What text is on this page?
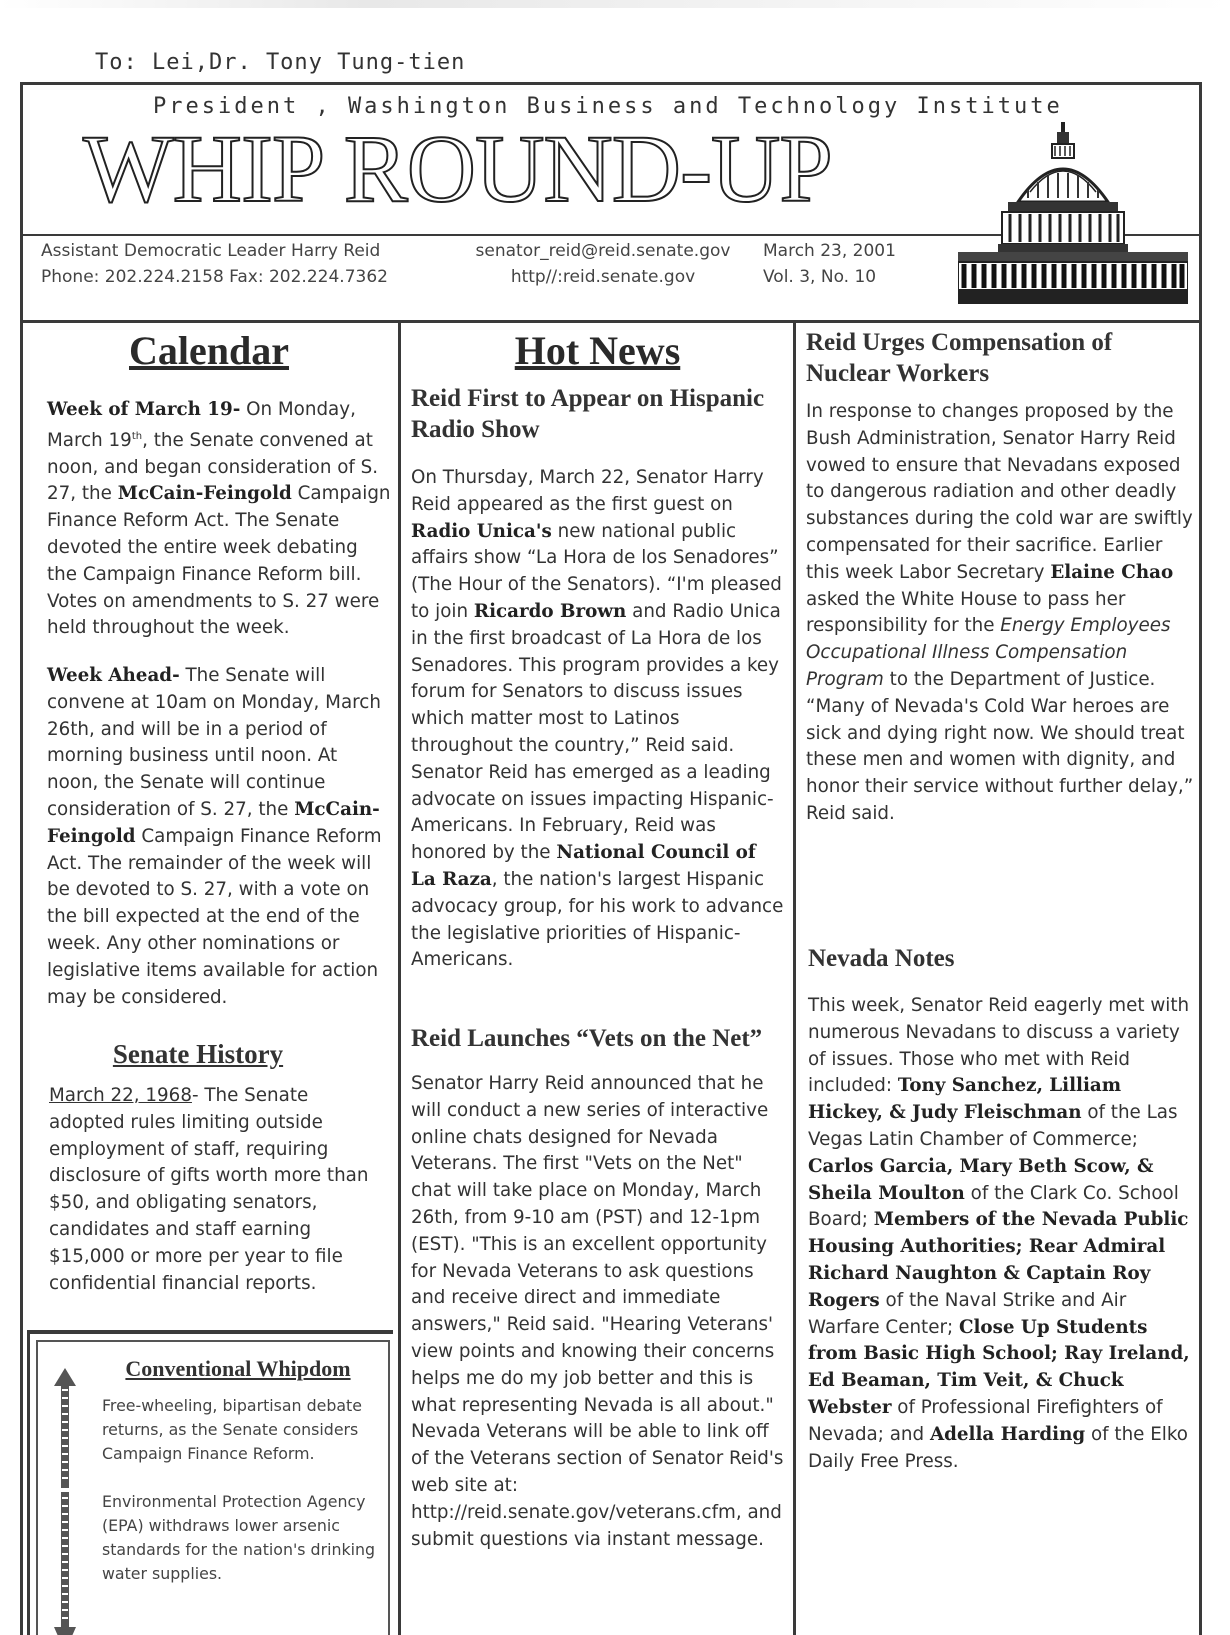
To: Lei,Dr. Tony Tung-tien
President , Washington Business and Technology Institute
WHIP ROUND-UP
Assistant Democratic Leader Harry Reid
Phone: 202.224.2158 Fax: 202.224.7362
senator_reid@reid.senate.gov
http//:reid.senate.gov
March 23, 2001
Vol. 3, No. 10
Calendar

Week of March 19- On Monday, March 19th, the Senate convened at noon, and began consideration of S. 27, the McCain-Feingold Campaign Finance Reform Act. The Senate devoted the entire week debating the Campaign Finance Reform bill. Votes on amendments to S. 27 were held throughout the week.

Week Ahead- The Senate will convene at 10am on Monday, March 26th, and will be in a period of morning business until noon. At noon, the Senate will continue consideration of S. 27, the McCain-Feingold Campaign Finance Reform Act. The remainder of the week will be devoted to S. 27, with a vote on the bill expected at the end of the week. Any other nominations or legislative items available for action may be considered.

Senate History

March 22, 1968- The Senate adopted rules limiting outside employment of staff, requiring disclosure of gifts worth more than $50, and obligating senators, candidates and staff earning $15,000 or more per year to file confidential financial reports.

Conventional Whipdom
Free-wheeling, bipartisan debate returns, as the Senate considers Campaign Finance Reform.
Environmental Protection Agency (EPA) withdraws lower arsenic standards for the nation's drinking water supplies.
Hot News
Reid First to Appear on Hispanic Radio Show

On Thursday, March 22, Senator Harry Reid appeared as the first guest on Radio Unica's new national public affairs show “La Hora de los Senadores” (The Hour of the Senators). “I'm pleased to join Ricardo Brown and Radio Unica in the first broadcast of La Hora de los Senadores. This program provides a key forum for Senators to discuss issues which matter most to Latinos throughout the country,” Reid said. Senator Reid has emerged as a leading advocate on issues impacting Hispanic-Americans. In February, Reid was honored by the National Council of La Raza, the nation's largest Hispanic advocacy group, for his work to advance the legislative priorities of Hispanic-Americans.

Reid Launches “Vets on the Net”

Senator Harry Reid announced that he will conduct a new series of interactive online chats designed for Nevada Veterans. The first "Vets on the Net" chat will take place on Monday, March 26th, from 9-10 am (PST) and 12-1pm (EST). "This is an excellent opportunity for Nevada Veterans to ask questions and receive direct and immediate answers," Reid said. "Hearing Veterans' view points and knowing their concerns helps me do my job better and this is what representing Nevada is all about." Nevada Veterans will be able to link off of the Veterans section of Senator Reid's web site at: http://reid.senate.gov/veterans.cfm, and submit questions via instant message.

Reid Urges Compensation of Nuclear Workers

In response to changes proposed by the Bush Administration, Senator Harry Reid vowed to ensure that Nevadans exposed to dangerous radiation and other deadly substances during the cold war are swiftly compensated for their sacrifice. Earlier this week Labor Secretary Elaine Chao asked the White House to pass her responsibility for the Energy Employees Occupational Illness Compensation Program to the Department of Justice. “Many of Nevada's Cold War heroes are sick and dying right now. We should treat these men and women with dignity, and honor their service without further delay,” Reid said.

Nevada Notes

This week, Senator Reid eagerly met with numerous Nevadans to discuss a variety of issues. Those who met with Reid included: Tony Sanchez, Lilliam Hickey, & Judy Fleischman of the Las Vegas Latin Chamber of Commerce; Carlos Garcia, Mary Beth Scow, & Sheila Moulton of the Clark Co. School Board; Members of the Nevada Public Housing Authorities; Rear Admiral Richard Naughton & Captain Roy Rogers of the Naval Strike and Air Warfare Center; Close Up Students from Basic High School; Ray Ireland, Ed Beaman, Tim Veit, & Chuck Webster of Professional Firefighters of Nevada; and Adella Harding of the Elko Daily Free Press.
